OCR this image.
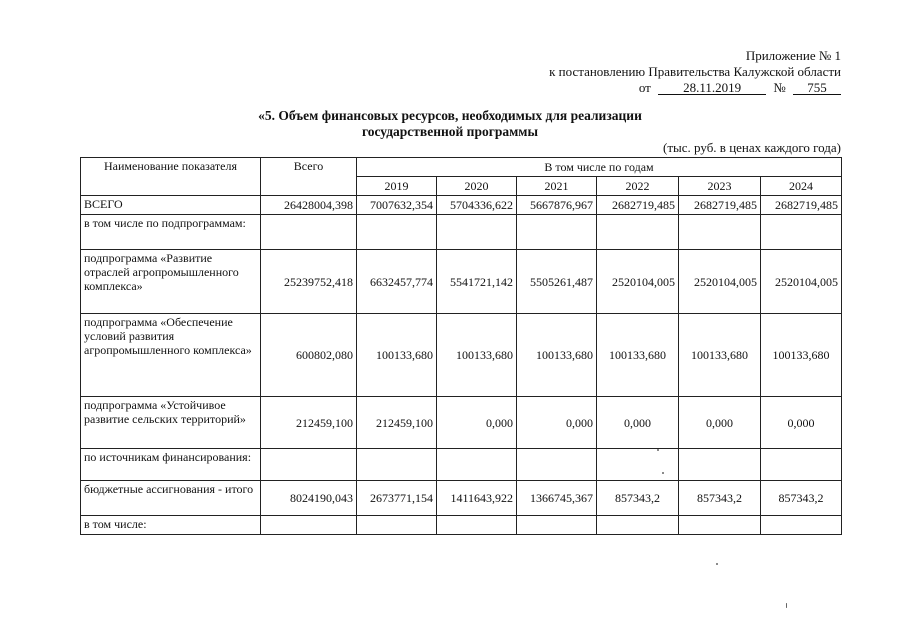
Приложение № 1
к постановлению Правительства Калужской области
от 28.11.2019 № 755
«5. Объем финансовых ресурсов, необходимых для реализации
государственной программы
(тыс. руб. в ценах каждого года)
Наименование показателя	Всего	В том числе по годам					
		2019	2020	2021	2022	2023	2024
ВСЕГО	26428004,398	7007632,354	5704336,622	5667876,967	2682719,485	2682719,485	2682719,485
в том числе по подпрограммам:							
подпрограмма «Развитие отраслей агропромышленного комплекса»	25239752,418	6632457,774	5541721,142	5505261,487	2520104,005	2520104,005	2520104,005
подпрограмма «Обеспечение условий развития агропромышленного комплекса»	600802,080	100133,680	100133,680	100133,680	100133,680	100133,680	100133,680
подпрограмма «Устойчивое развитие сельских территорий»	212459,100	212459,100	0,000	0,000	0,000	0,000	0,000
по источникам финансирования:							
бюджетные ассигнования - итого	8024190,043	2673771,154	1411643,922	1366745,367	857343,2	857343,2	857343,2
в том числе:							
